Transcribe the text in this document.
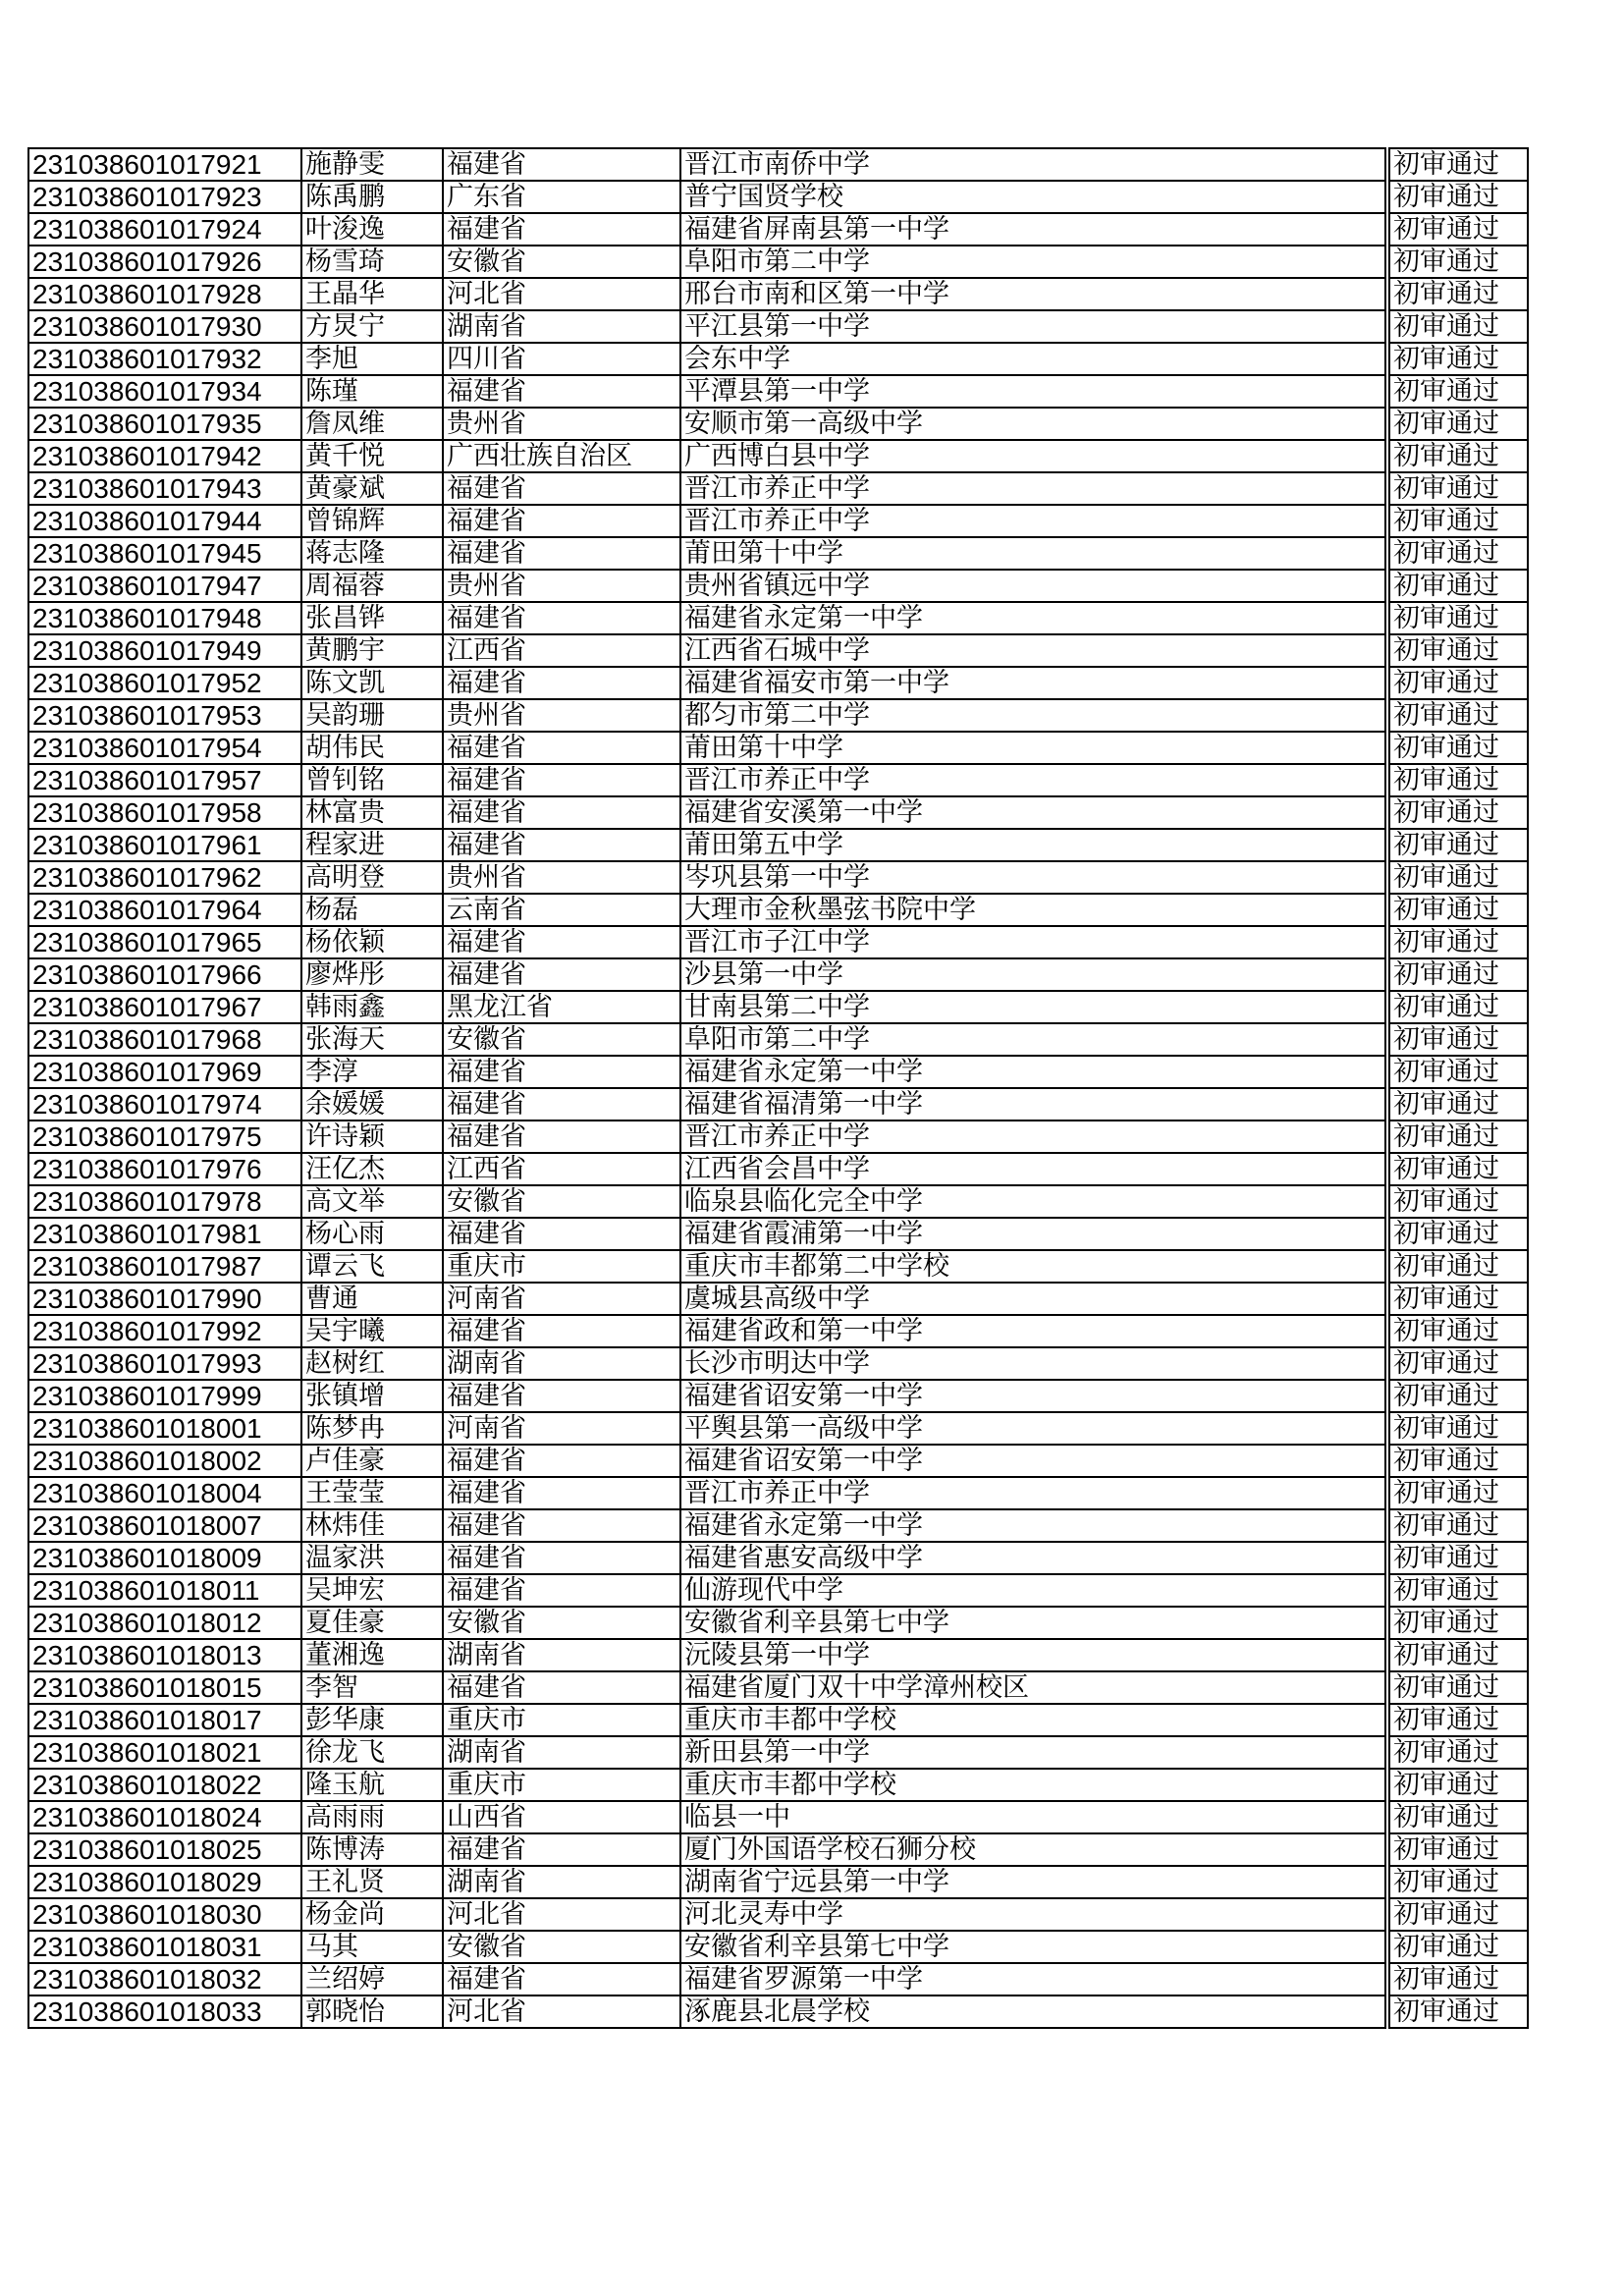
231038601017921	施静雯	福建省	晋江市南侨中学		初审通过
231038601017923	陈禹鹏	广东省	普宁国贤学校		初审通过
231038601017924	叶浚逸	福建省	福建省屏南县第一中学		初审通过
231038601017926	杨雪琦	安徽省	阜阳市第二中学		初审通过
231038601017928	王晶华	河北省	邢台市南和区第一中学		初审通过
231038601017930	方炅宁	湖南省	平江县第一中学		初审通过
231038601017932	李旭	四川省	会东中学		初审通过
231038601017934	陈瑾	福建省	平潭县第一中学		初审通过
231038601017935	詹凤维	贵州省	安顺市第一高级中学		初审通过
231038601017942	黄千悦	广西壮族自治区	广西博白县中学		初审通过
231038601017943	黄豪斌	福建省	晋江市养正中学		初审通过
231038601017944	曾锦辉	福建省	晋江市养正中学		初审通过
231038601017945	蒋志隆	福建省	莆田第十中学		初审通过
231038601017947	周福蓉	贵州省	贵州省镇远中学		初审通过
231038601017948	张昌铧	福建省	福建省永定第一中学		初审通过
231038601017949	黄鹏宇	江西省	江西省石城中学		初审通过
231038601017952	陈文凯	福建省	福建省福安市第一中学		初审通过
231038601017953	吴韵珊	贵州省	都匀市第二中学		初审通过
231038601017954	胡伟民	福建省	莆田第十中学		初审通过
231038601017957	曾钊铭	福建省	晋江市养正中学		初审通过
231038601017958	林富贵	福建省	福建省安溪第一中学		初审通过
231038601017961	程家进	福建省	莆田第五中学		初审通过
231038601017962	高明登	贵州省	岑巩县第一中学		初审通过
231038601017964	杨磊	云南省	大理市金秋墨弦书院中学		初审通过
231038601017965	杨依颖	福建省	晋江市子江中学		初审通过
231038601017966	廖烨彤	福建省	沙县第一中学		初审通过
231038601017967	韩雨鑫	黑龙江省	甘南县第二中学		初审通过
231038601017968	张海天	安徽省	阜阳市第二中学		初审通过
231038601017969	李淳	福建省	福建省永定第一中学		初审通过
231038601017974	余媛媛	福建省	福建省福清第一中学		初审通过
231038601017975	许诗颖	福建省	晋江市养正中学		初审通过
231038601017976	汪亿杰	江西省	江西省会昌中学		初审通过
231038601017978	高文举	安徽省	临泉县临化完全中学		初审通过
231038601017981	杨心雨	福建省	福建省霞浦第一中学		初审通过
231038601017987	谭云飞	重庆市	重庆市丰都第二中学校		初审通过
231038601017990	曹通	河南省	虞城县高级中学		初审通过
231038601017992	吴宇曦	福建省	福建省政和第一中学		初审通过
231038601017993	赵树红	湖南省	长沙市明达中学		初审通过
231038601017999	张镇增	福建省	福建省诏安第一中学		初审通过
231038601018001	陈梦冉	河南省	平舆县第一高级中学		初审通过
231038601018002	卢佳豪	福建省	福建省诏安第一中学		初审通过
231038601018004	王莹莹	福建省	晋江市养正中学		初审通过
231038601018007	林炜佳	福建省	福建省永定第一中学		初审通过
231038601018009	温家洪	福建省	福建省惠安高级中学		初审通过
231038601018011	吴坤宏	福建省	仙游现代中学		初审通过
231038601018012	夏佳豪	安徽省	安徽省利辛县第七中学		初审通过
231038601018013	董湘逸	湖南省	沅陵县第一中学		初审通过
231038601018015	李智	福建省	福建省厦门双十中学漳州校区		初审通过
231038601018017	彭华康	重庆市	重庆市丰都中学校		初审通过
231038601018021	徐龙飞	湖南省	新田县第一中学		初审通过
231038601018022	隆玉航	重庆市	重庆市丰都中学校		初审通过
231038601018024	高雨雨	山西省	临县一中		初审通过
231038601018025	陈博涛	福建省	厦门外国语学校石狮分校		初审通过
231038601018029	王礼贤	湖南省	湖南省宁远县第一中学		初审通过
231038601018030	杨金尚	河北省	河北灵寿中学		初审通过
231038601018031	马其	安徽省	安徽省利辛县第七中学		初审通过
231038601018032	兰绍婷	福建省	福建省罗源第一中学		初审通过
231038601018033	郭晓怡	河北省	涿鹿县北晨学校		初审通过
